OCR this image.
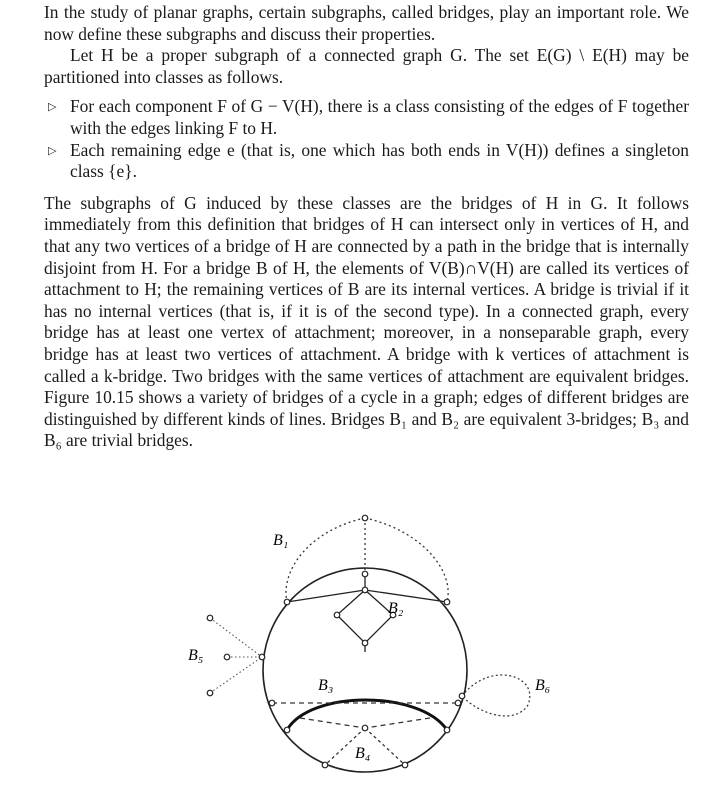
In the study of planar graphs, certain subgraphs, called bridges, play an important role. We now define these subgraphs and discuss their properties.

Let H be a proper subgraph of a connected graph G. The set E(G) \ E(H) may be partitioned into classes as follows.

▷ For each component F of G − V(H), there is a class consisting of the edges of F together with the edges linking F to H.
▷ Each remaining edge e (that is, one which has both ends in V(H)) defines a singleton class {e}.

The subgraphs of G induced by these classes are the bridges of H in G. It follows immediately from this definition that bridges of H can intersect only in vertices of H, and that any two vertices of a bridge of H are connected by a path in the bridge that is internally disjoint from H. For a bridge B of H, the elements of V(B)∩V(H) are called its vertices of attachment to H; the remaining vertices of B are its internal vertices. A bridge is trivial if it has no internal vertices (that is, if it is of the second type). In a connected graph, every bridge has at least one vertex of attachment; moreover, in a nonseparable graph, every bridge has at least two vertices of attachment. A bridge with k vertices of attachment is called a k-bridge. Two bridges with the same vertices of attachment are equivalent bridges. Figure 10.15 shows a variety of bridges of a cycle in a graph; edges of different bridges are distinguished by different kinds of lines. Bridges B₁ and B₂ are equivalent 3-bridges; B₃ and B₆ are trivial bridges.

B₁
B₂
B₃
B₄
B₅
B₆
